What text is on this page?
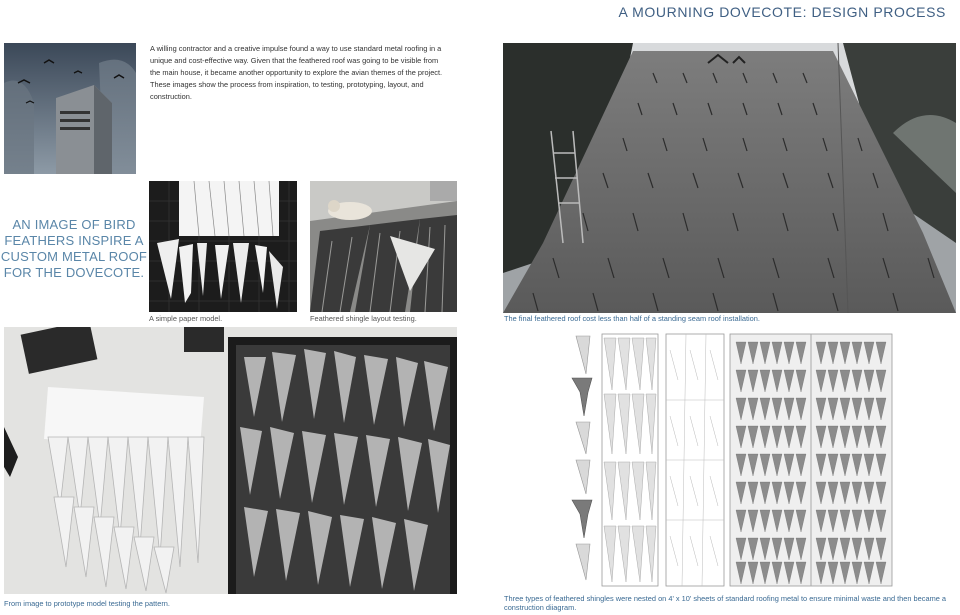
A MOURNING DOVECOTE: DESIGN PROCESS
A willing contractor and a creative impulse found a way to use standard metal roofing in a unique and cost-effective way. Given that the feathered roof was going to be visible from the main house, it became another opportunity to explore the avian themes of the project. These images show the process from inspiration, to testing, prototyping, layout, and construction.
AN IMAGE OF BIRD FEATHERS INSPIRE A CUSTOM METAL ROOF FOR THE DOVECOTE.
A simple paper model.	Feathered shingle layout testing.	The final feathered roof cost less than half of a standing seam roof installation.
From image to prototype model testing the pattern.
Three types of feathered shingles were nested on 4' x 10' sheets of standard roofing metal to ensure minimal waste and then became a construction diiagram.
